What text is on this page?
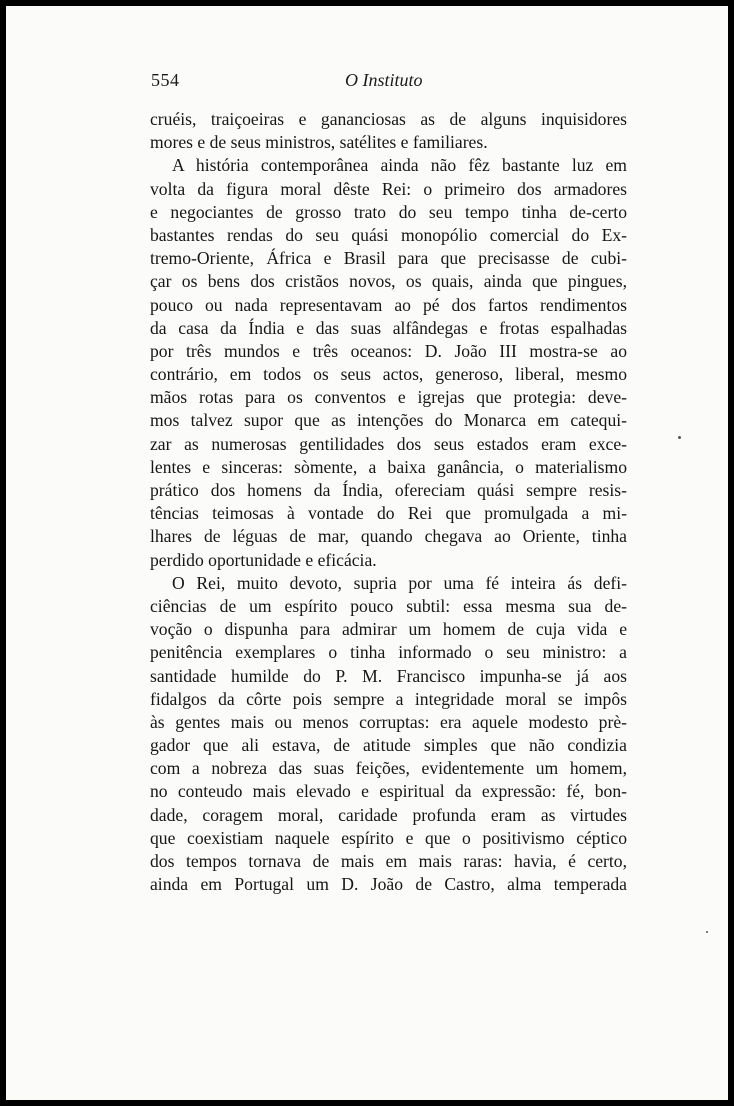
554	O Instituto
cruéis, traiçoeiras e gananciosas as de alguns inquisidores
mores e de seus ministros, satélites e familiares.
A história contemporânea ainda não fêz bastante luz em
volta da figura moral dêste Rei: o primeiro dos armadores
e negociantes de grosso trato do seu tempo tinha de-certo
bastantes rendas do seu quási monopólio comercial do Ex-
tremo-Oriente, África e Brasil para que precisasse de cubi-
çar os bens dos cristãos novos, os quais, ainda que pingues,
pouco ou nada representavam ao pé dos fartos rendimentos
da casa da Índia e das suas alfândegas e frotas espalhadas
por três mundos e três oceanos: D. João III mostra-se ao
contrário, em todos os seus actos, generoso, liberal, mesmo
mãos rotas para os conventos e igrejas que protegia: deve-
mos talvez supor que as intenções do Monarca em catequi-
zar as numerosas gentilidades dos seus estados eram exce-
lentes e sinceras: sòmente, a baixa ganância, o materialismo
prático dos homens da Índia, ofereciam quási sempre resis-
tências teimosas à vontade do Rei que promulgada a mi-
lhares de léguas de mar, quando chegava ao Oriente, tinha
perdido oportunidade e eficácia.
O Rei, muito devoto, supria por uma fé inteira ás defi-
ciências de um espírito pouco subtil: essa mesma sua de-
voção o dispunha para admirar um homem de cuja vida e
penitência exemplares o tinha informado o seu ministro: a
santidade humilde do P. M. Francisco impunha-se já aos
fidalgos da côrte pois sempre a integridade moral se impôs
às gentes mais ou menos corruptas: era aquele modesto prè-
gador que ali estava, de atitude simples que não condizia
com a nobreza das suas feições, evidentemente um homem,
no conteudo mais elevado e espiritual da expressão: fé, bon-
dade, coragem moral, caridade profunda eram as virtudes
que coexistiam naquele espírito e que o positivismo céptico
dos tempos tornava de mais em mais raras: havia, é certo,
ainda em Portugal um D. João de Castro, alma temperada
